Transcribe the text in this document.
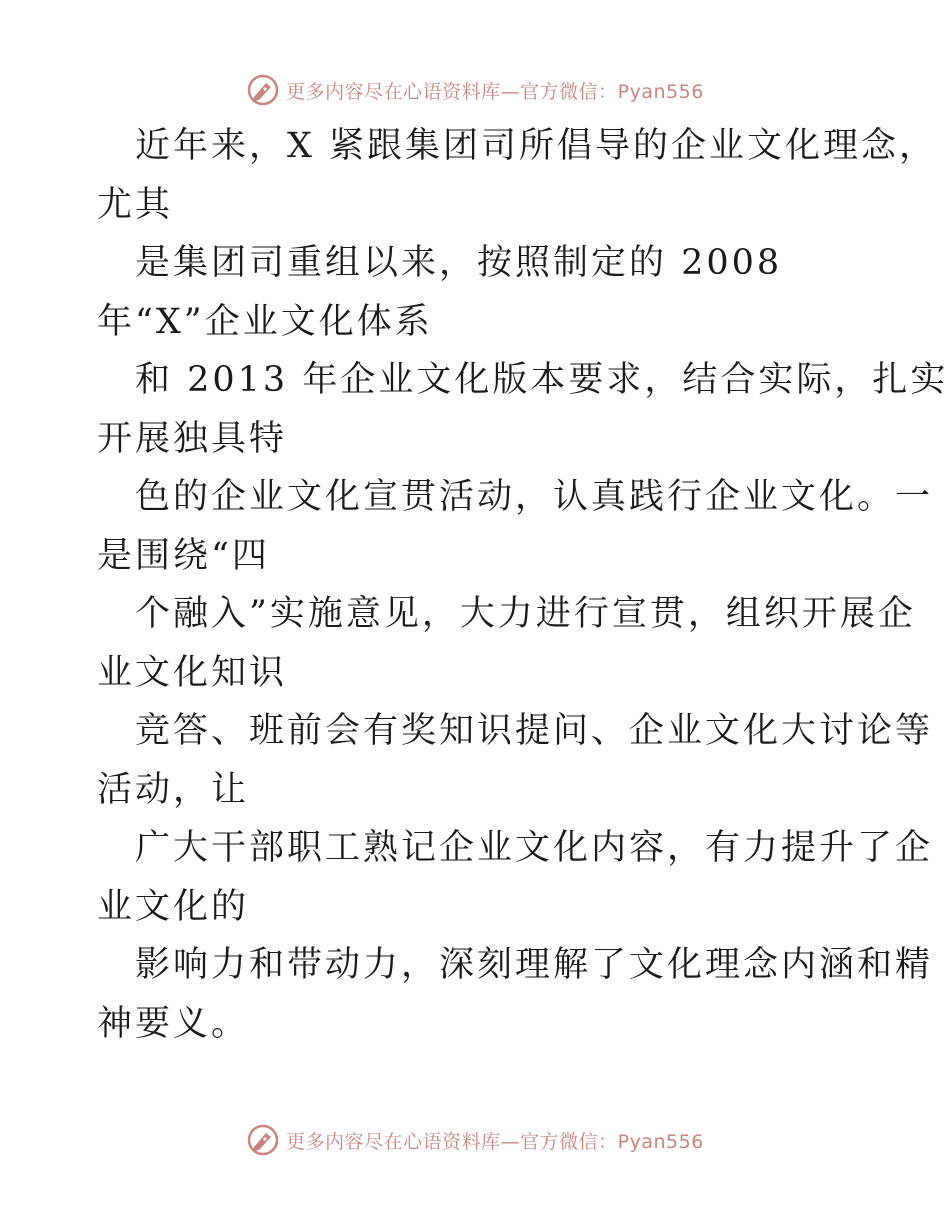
更多内容尽在心语资料库—官方微信：Pyan556
近年来，X 紧跟集团司所倡导的企业文化理念，
尤其
是集团司重组以来，按照制定的 2008
年“X”企业文化体系
和 2013 年企业文化版本要求，结合实际，扎实
开展独具特
色的企业文化宣贯活动，认真践行企业文化。一
是围绕“四
个融入”实施意见，大力进行宣贯，组织开展企
业文化知识
竞答、班前会有奖知识提问、企业文化大讨论等
活动，让
广大干部职工熟记企业文化内容，有力提升了企
业文化的
影响力和带动力，深刻理解了文化理念内涵和精
神要义。
更多内容尽在心语资料库—官方微信：Pyan556
